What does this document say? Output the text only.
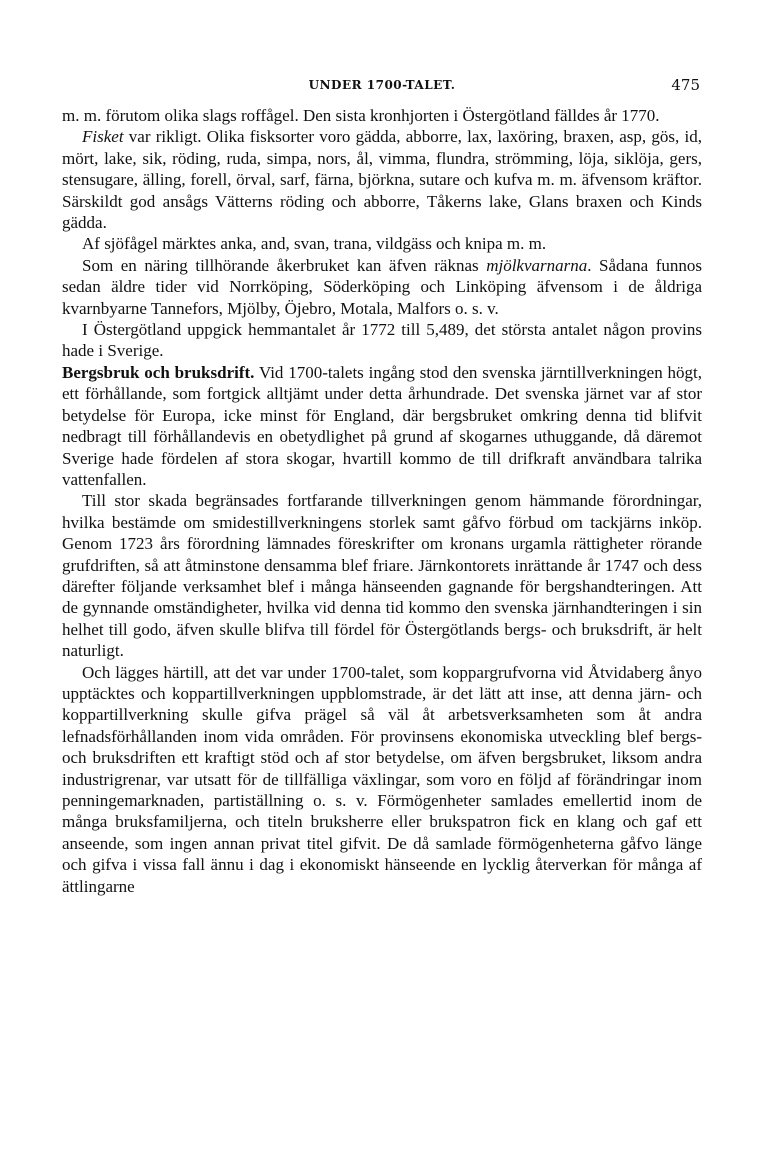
UNDER 1700-TALET.	475

m. m. förutom olika slags roffågel. Den sista kronhjorten i Östergötland fälldes år 1770.

Fisket var rikligt. Olika fisksorter voro gädda, abborre, lax, laxöring, braxen, asp, gös, id, mört, lake, sik, röding, ruda, simpa, nors, ål, vimma, flundra, strömming, löja, siklöja, gers, stensugare, älling, forell, örval, sarf, färna, björkna, sutare och kufva m. m. äfvensom kräftor. Särskildt god ansågs Vätterns röding och abborre, Tåkerns lake, Glans braxen och Kinds gädda.

Af sjöfågel märktes anka, and, svan, trana, vildgäss och knipa m. m.

Som en näring tillhörande åkerbruket kan äfven räknas mjölkvarnarna. Sådana funnos sedan äldre tider vid Norrköping, Söderköping och Linköping äfvensom i de åldriga kvarnbyarne Tannefors, Mjölby, Öjebro, Motala, Malfors o. s. v.

I Östergötland uppgick hemmantalet år 1772 till 5,489, det största antalet någon provins hade i Sverige.

Bergsbruk och bruksdrift. Vid 1700-talets ingång stod den svenska järntillverkningen högt, ett förhållande, som fortgick alltjämt under detta århundrade. Det svenska järnet var af stor betydelse för Europa, icke minst för England, där bergsbruket omkring denna tid blifvit nedbragt till förhållandevis en obetydlighet på grund af skogarnes uthuggande, då däremot Sverige hade fördelen af stora skogar, hvartill kommo de till drifkraft användbara talrika vattenfallen.

Till stor skada begränsades fortfarande tillverkningen genom hämmande förordningar, hvilka bestämde om smidestillverkningens storlek samt gåfvo förbud om tackjärns inköp. Genom 1723 års förordning lämnades föreskrifter om kronans urgamla rättigheter rörande grufdriften, så att åtminstone densamma blef friare. Järnkontorets inrättande år 1747 och dess därefter följande verksamhet blef i många hänseenden gagnande för bergshandteringen. Att de gynnande omständigheter, hvilka vid denna tid kommo den svenska järnhandteringen i sin helhet till godo, äfven skulle blifva till fördel för Östergötlands bergs- och bruksdrift, är helt naturligt.

Och lägges härtill, att det var under 1700-talet, som koppargrufvorna vid Åtvidaberg ånyo upptäcktes och koppartillverkningen uppblomstrade, är det lätt att inse, att denna järn- och koppartillverkning skulle gifva prägel så väl åt arbetsverksamheten som åt andra lefnadsförhållanden inom vida områden. För provinsens ekonomiska utveckling blef bergs- och bruksdriften ett kraftigt stöd och af stor betydelse, om äfven bergsbruket, liksom andra industrigrenar, var utsatt för de tillfälliga växlingar, som voro en följd af förändringar inom penningemarknaden, partiställning o. s. v. Förmögenheter samlades emellertid inom de många bruksfamiljerna, och titeln bruksherre eller brukspatron fick en klang och gaf ett anseende, som ingen annan privat titel gifvit. De då samlade förmögenheterna gåfvo länge och gifva i vissa fall ännu i dag i ekonomiskt hänseende en lycklig återverkan för många af ättlingarne
